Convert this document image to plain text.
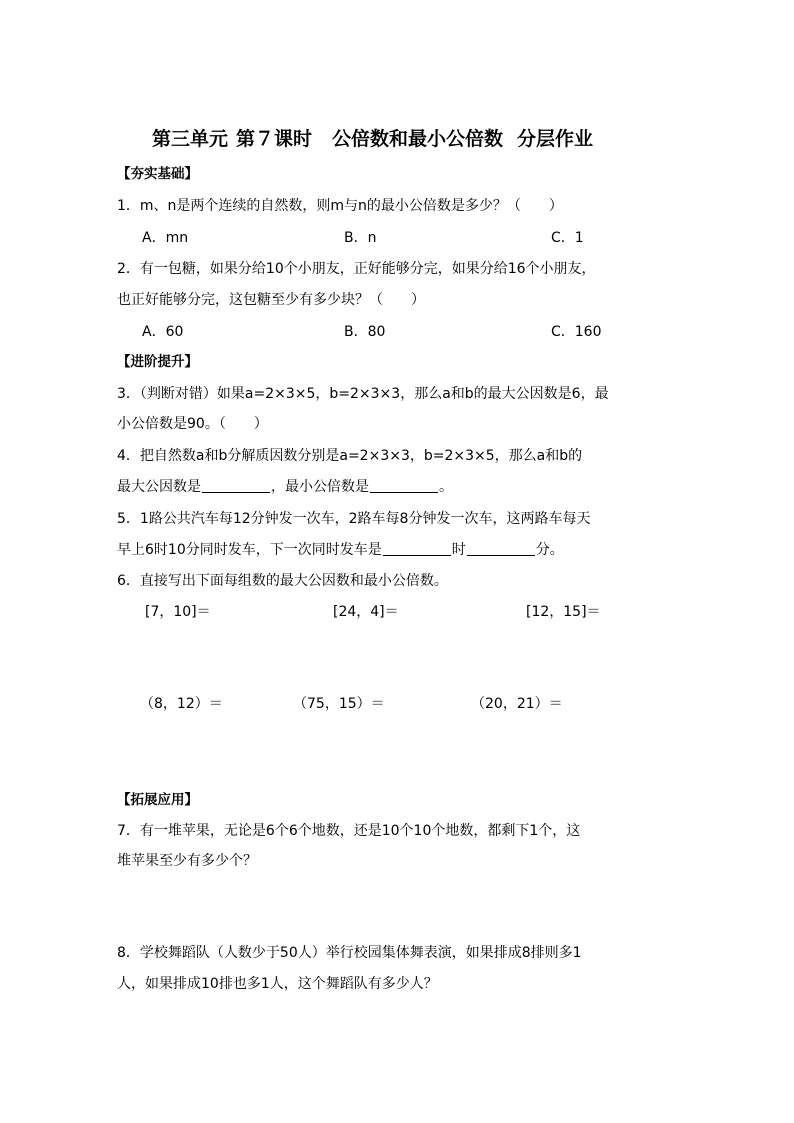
第三单元 第７课时 公倍数和最小公倍数 分层作业
【夯实基础】
1．m、n是两个连续的自然数，则m与n的最小公倍数是多少？（　　）
A．mn	B．n	C．1
2．有一包糖，如果分给10个小朋友，正好能够分完，如果分给16个小朋友，
也正好能够分完，这包糖至少有多少块？（　　）
A．60	B．80	C．160
【进阶提升】
3．（判断对错）如果a=2×3×5，b=2×3×3，那么a和b的最大公因数是6，最
小公倍数是90。（　　）
4．把自然数a和b分解质因数分别是a=2×3×3，b=2×3×5，那么a和b的
最大公因数是	，最小公倍数是	。
5．1路公共汽车每12分钟发一次车，2路车每8分钟发一次车，这两路车每天
早上6时10分同时发车，下一次同时发车是	时	分。
6．直接写出下面每组数的最大公因数和最小公倍数。
[7，10]＝	[24，4]＝	[12，15]＝
（8，12）＝	（75，15）＝	（20，21）＝
【拓展应用】
7．有一堆苹果，无论是6个6个地数，还是10个10个地数，都剩下1个，这
堆苹果至少有多少个？
8．学校舞蹈队（人数少于50人）举行校园集体舞表演，如果排成8排则多1
人，如果排成10排也多1人，这个舞蹈队有多少人？
